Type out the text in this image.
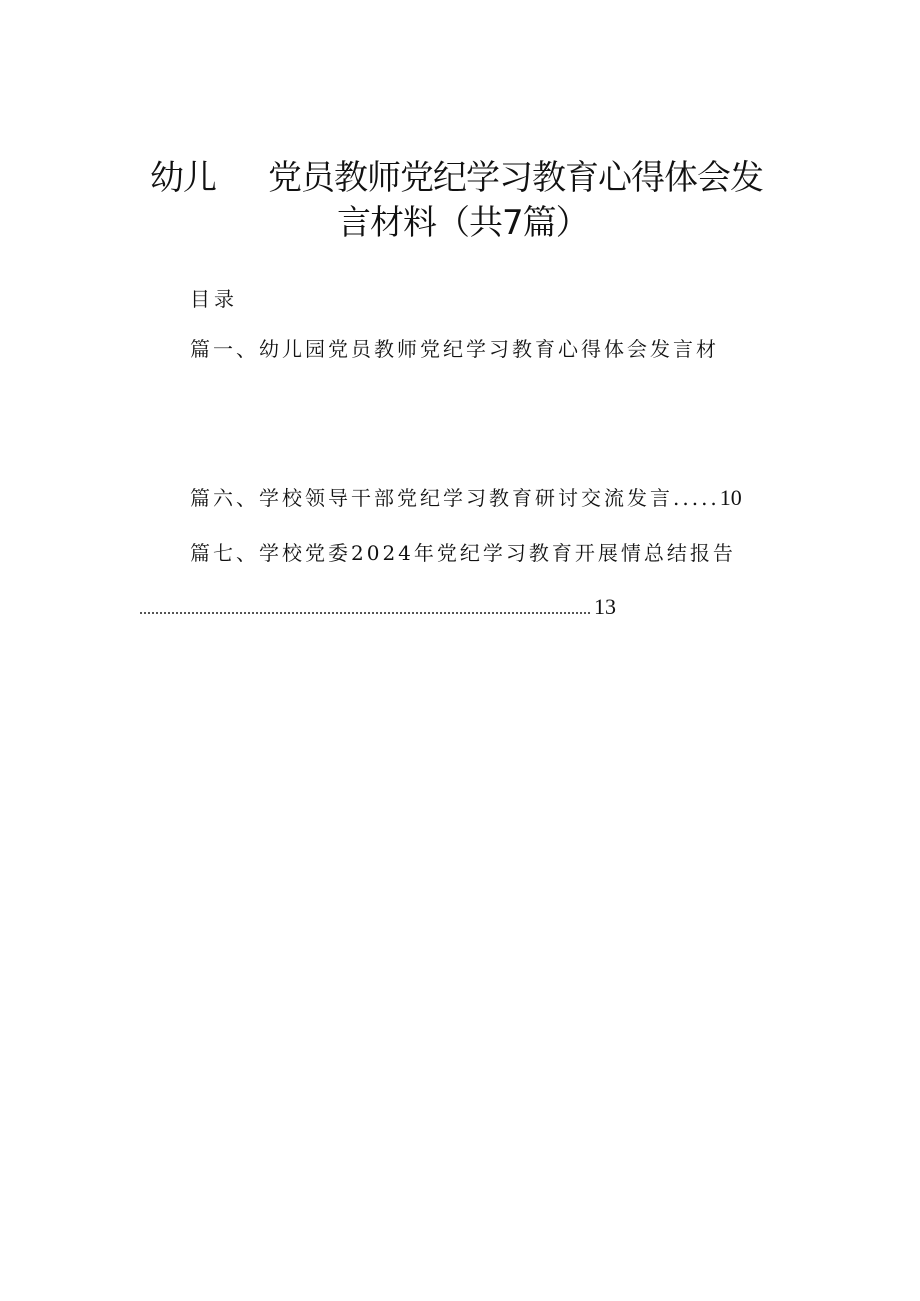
幼儿 党员教师党纪学习教育心得体会发
言材料（共7篇）
目录
篇一、幼儿园党员教师党纪学习教育心得体会发言材
篇六、学校领导干部党纪学习教育研讨交流发言.....10
篇七、学校党委2024年党纪学习教育开展情总结报告
13
